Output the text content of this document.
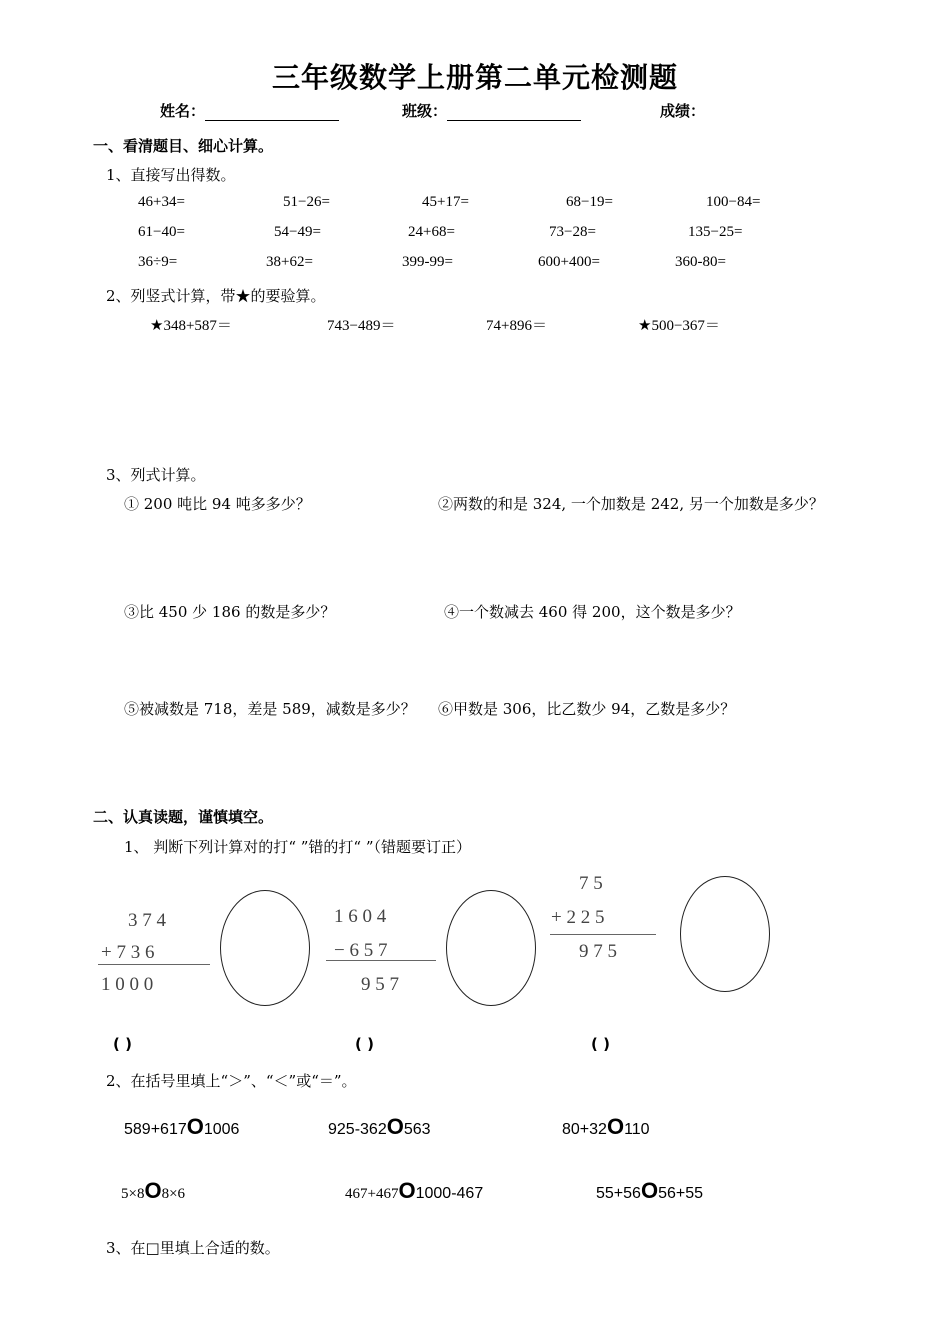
三年级数学上册第二单元检测题
姓名：	班级：	成绩：
一、看清题目、细心计算。
1、直接写出得数。
46+34=	51−26=	45+17=	68−19=	100−84=
61−40=	54−49=	24+68=	73−28=	135−25=
36÷9=	38+62=	399-99=	600+400=	360-80=
2、列竖式计算，带★的要验算。
★348+587＝	743−489＝	74+896＝	★500−367＝
3、列式计算。
① 200 吨比 94 吨多多少？	②两数的和是 324, 一个加数是 242, 另一个加数是多少？
③比 450 少 186 的数是多少？	④一个数减去 460 得 200，这个数是多少？
⑤被减数是 718，差是 589，减数是多少？ ⑥甲数是 306，比乙数少 94，乙数是多少？
二、认真读题，谨慎填空。
1、 判断下列计算对的打“ ”错的打“ ”（错题要订正）
3 7 4
+ 7 3 6
1 0 0 0
1 6 0 4
− 6 5 7
9 5 7
7 5
+ 2 2 5
9 7 5
( )	( )	( )
2、在括号里填上“＞”、“＜”或“＝”。
589+617O1006	925-362O563	80+32O110
5×8O8×6	467+467O1000-467	55+56O56+55
3、在□里填上合适的数。
